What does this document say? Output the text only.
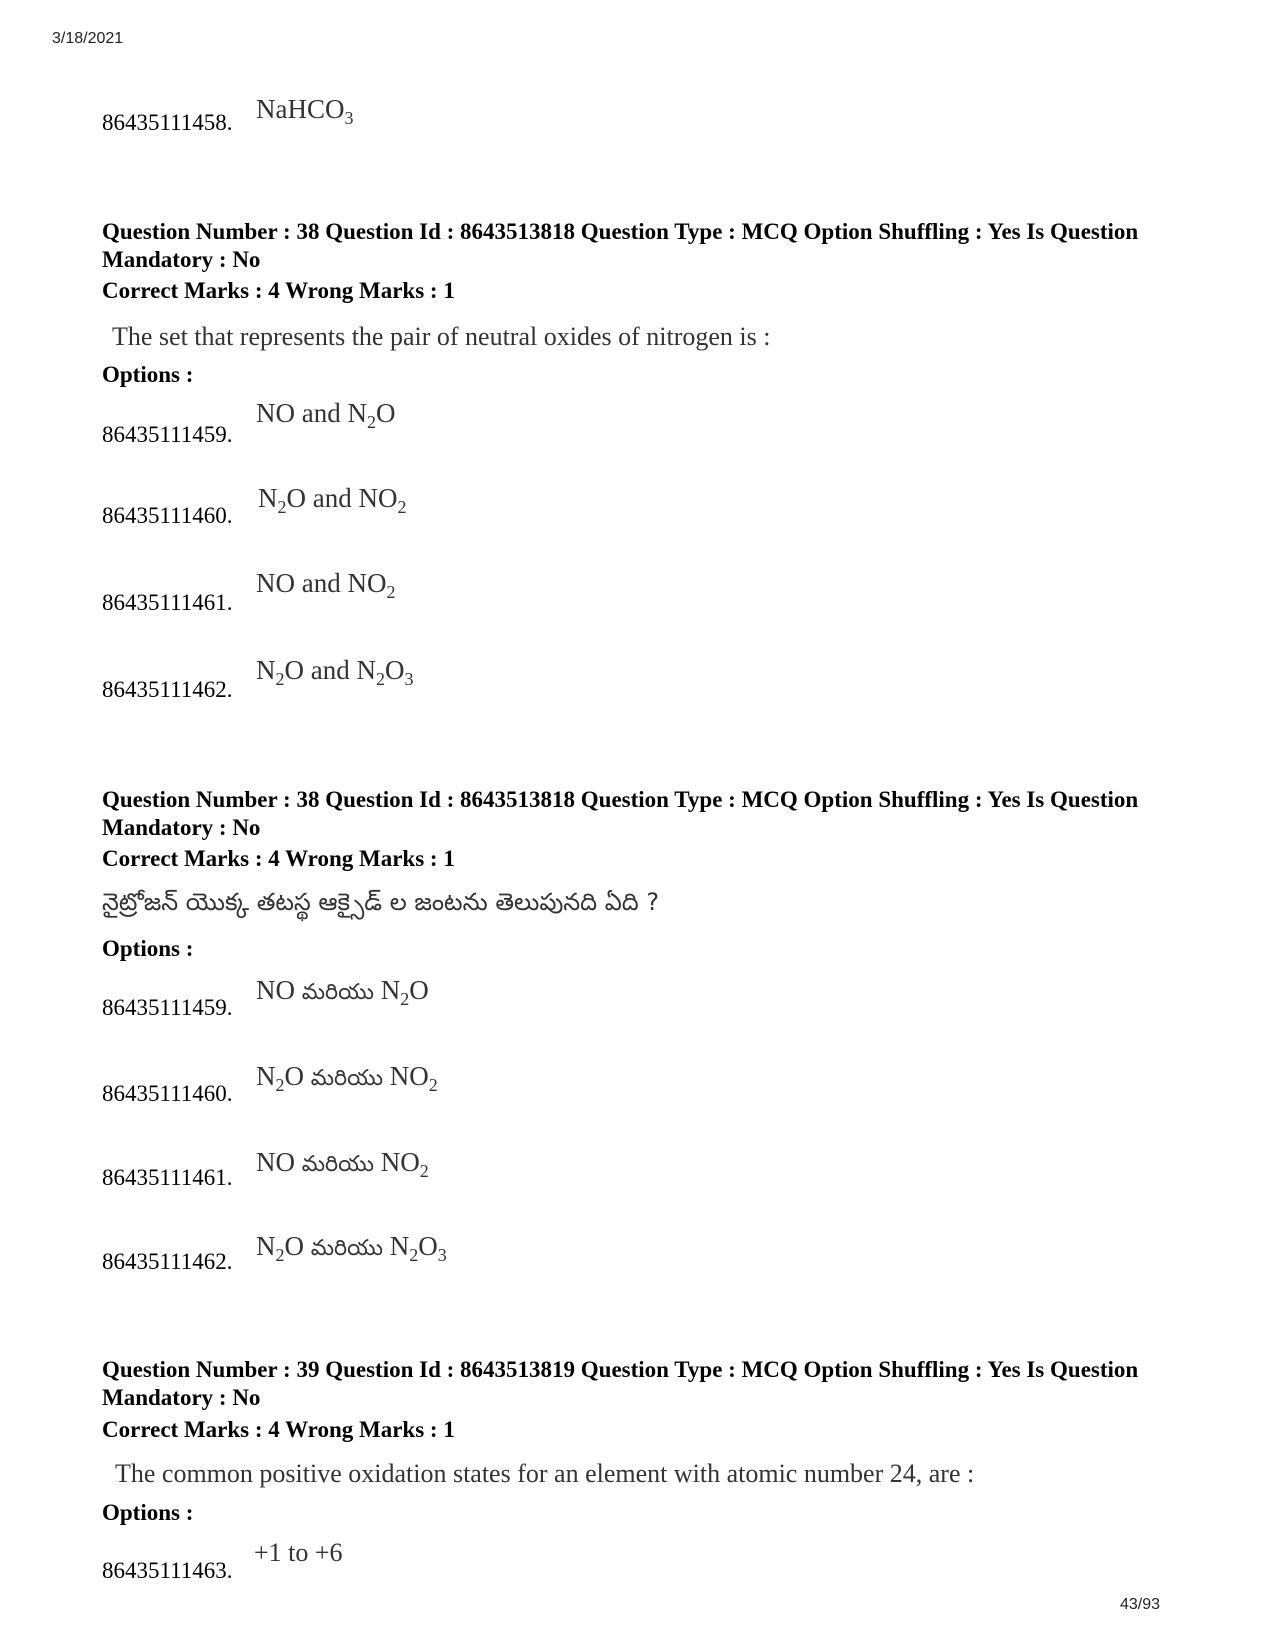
3/18/2021
43/93
86435111458. NaHCO$_3$
Question Number : 38 Question Id : 8643513818 Question Type : MCQ Option Shuffling : Yes Is Question Mandatory : No
Correct Marks : 4 Wrong Marks : 1
The set that represents the pair of neutral oxides of nitrogen is :
Options :
86435111459.
NO and $N_2O$
86435111460.
$N_2O$ and $NO_2$
86435111461.
NO and $NO_2$
86435111462.
$N_2O$ and $N_2O_3$
Question Number : 38 Question Id : 8643513818 Question Type : MCQ Option Shuffling : Yes Is Question Mandatory : No
Correct Marks : 4 Wrong Marks : 1
నైట్రోజన్ యొక్క తటస్థ ఆక్సైడ్ ల జంటను తెలుపునది ఏది ?
Options :
86435111459.
NO మరియు $N_2O$
86435111460.
$N_2O$ మరియు $NO_2$
86435111461.
NO మరియు $NO_2$
86435111462.
$N_2O$ మరియు $N_2O_3$
Question Number : 39 Question Id : 8643513819 Question Type : MCQ Option Shuffling : Yes Is Question Mandatory : No
Correct Marks : 4 Wrong Marks : 1
The common positive oxidation states for an element with atomic number 24, are :
Options :
86435111463.
+1 to +6
